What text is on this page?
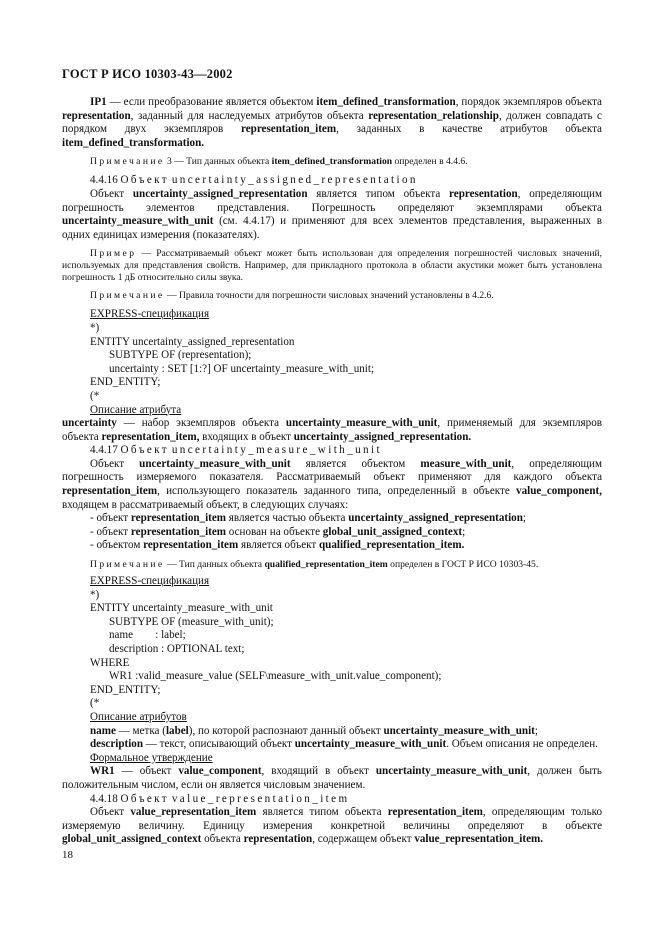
ГОСТ Р ИСО 10303-43—2002

IP1 — если преобразование является объектом item_defined_transformation, порядок экземпляров объекта representation, заданный для наследуемых атрибутов объекта representation_relationship, должен совпадать с порядком двух экземпляров representation_item, заданных в качестве атрибутов объекта item_defined_transformation.

Примечание 3 — Тип данных объекта item_defined_transformation определен в 4.4.6.

4.4.16 Объект uncertainty_assigned_representation

Объект uncertainty_assigned_representation является типом объекта representation, определяющим погрешность элементов представления. Погрешность определяют экземплярами объекта uncertainty_measure_with_unit (см. 4.4.17) и применяют для всех элементов представления, выраженных в одних единицах измерения (показателях).

Пример — Рассматриваемый объект может быть использован для определения погрешностей числовых значений, используемых для представления свойств. Например, для прикладного протокола в области акустики может быть установлена погрешность 1 дБ относительно силы звука.

Примечание — Правила точности для погрешности числовых значений установлены в 4.2.6.

EXPRESS-спецификация

*)

ENTITY uncertainty_assigned_representation

SUBTYPE OF (representation);

uncertainty : SET [1:?] OF uncertainty_measure_with_unit;

END_ENTITY;

(*

Описание атрибута

uncertainty — набор экземпляров объекта uncertainty_measure_with_unit, применяемый для экземпляров объекта representation_item, входящих в объект uncertainty_assigned_representation.

4.4.17 Объект uncertainty_measure_with_unit

Объект uncertainty_measure_with_unit является объектом measure_with_unit, определяющим погрешность измеряемого показателя. Рассматриваемый объект применяют для каждого объекта representation_item, использующего показатель заданного типа, определенный в объекте value_component, входящем в рассматриваемый объект, в следующих случаях:

- объект representation_item является частью объекта uncertainty_assigned_representation;

- объект representation_item основан на объекте global_unit_assigned_context;

- объектом representation_item является объект qualified_representation_item.

Примечание — Тип данных объекта qualified_representation_item определен в ГОСТ Р ИСО 10303-45.

EXPRESS-спецификация

*)

ENTITY uncertainty_measure_with_unit

SUBTYPE OF (measure_with_unit);

name        : label;

description : OPTIONAL text;

WHERE

WR1 :valid_measure_value (SELF\measure_with_unit.value_component);

END_ENTITY;

(*

Описание атрибутов

name — метка (label), по которой распознают данный объект uncertainty_measure_with_unit;

description — текст, описывающий объект uncertainty_measure_with_unit. Объем описания не определен.

Формальное утверждение

WR1 — объект value_component, входящий в объект uncertainty_measure_with_unit, должен быть положительным числом, если он является числовым значением.

4.4.18 Объект value_representation_item

Объект value_representation_item является типом объекта representation_item, определяющим только измеряемую величину. Единицу измерения конкретной величины определяют в объекте global_unit_assigned_context объекта representation, содержащем объект value_representation_item.

18
